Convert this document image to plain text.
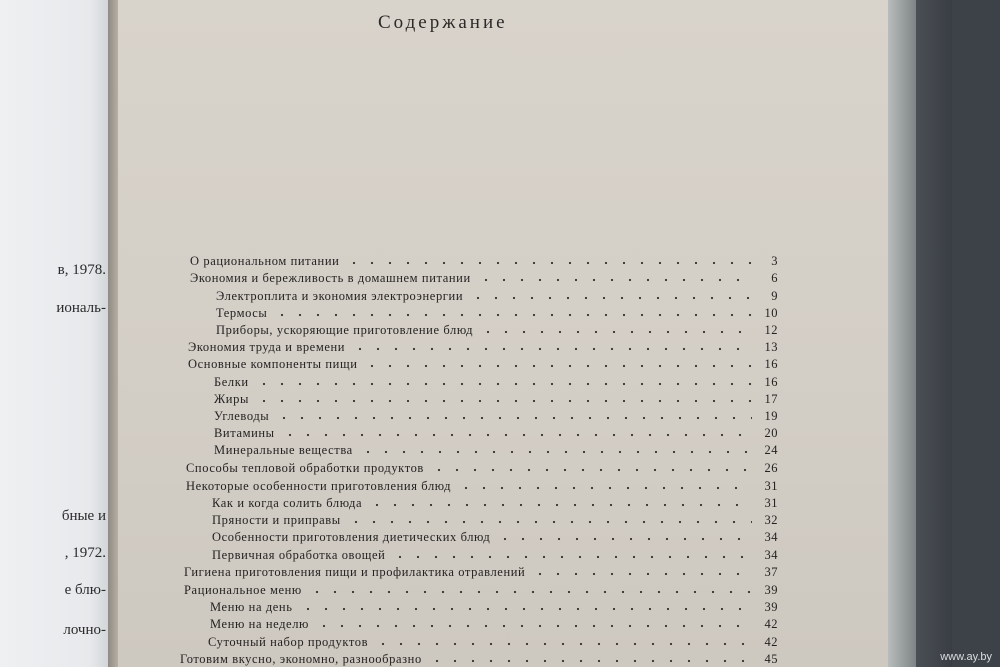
в, 1978.
иональ-
бные и
, 1972.
е блю-
лочно-
Содержание
О рациональном питании	3
Экономия и бережливость в домашнем питании	6
Электроплита и экономия электроэнергии	9
Термосы	10
Приборы, ускоряющие приготовление блюд	12
Экономия труда и времени	13
Основные компоненты пищи	16
Белки	16
Жиры	17
Углеводы	19
Витамины	20
Минеральные вещества	24
Способы тепловой обработки продуктов	26
Некоторые особенности приготовления блюд	31
Как и когда солить блюда	31
Пряности и приправы	32
Особенности приготовления диетических блюд	34
Первичная обработка овощей	34
Гигиена приготовления пищи и профилактика отравлений	37
Рациональное меню	39
Меню на день	39
Меню на неделю	42
Суточный набор продуктов	42
Готовим вкусно, экономно, разнообразно	45	www.ay.by
